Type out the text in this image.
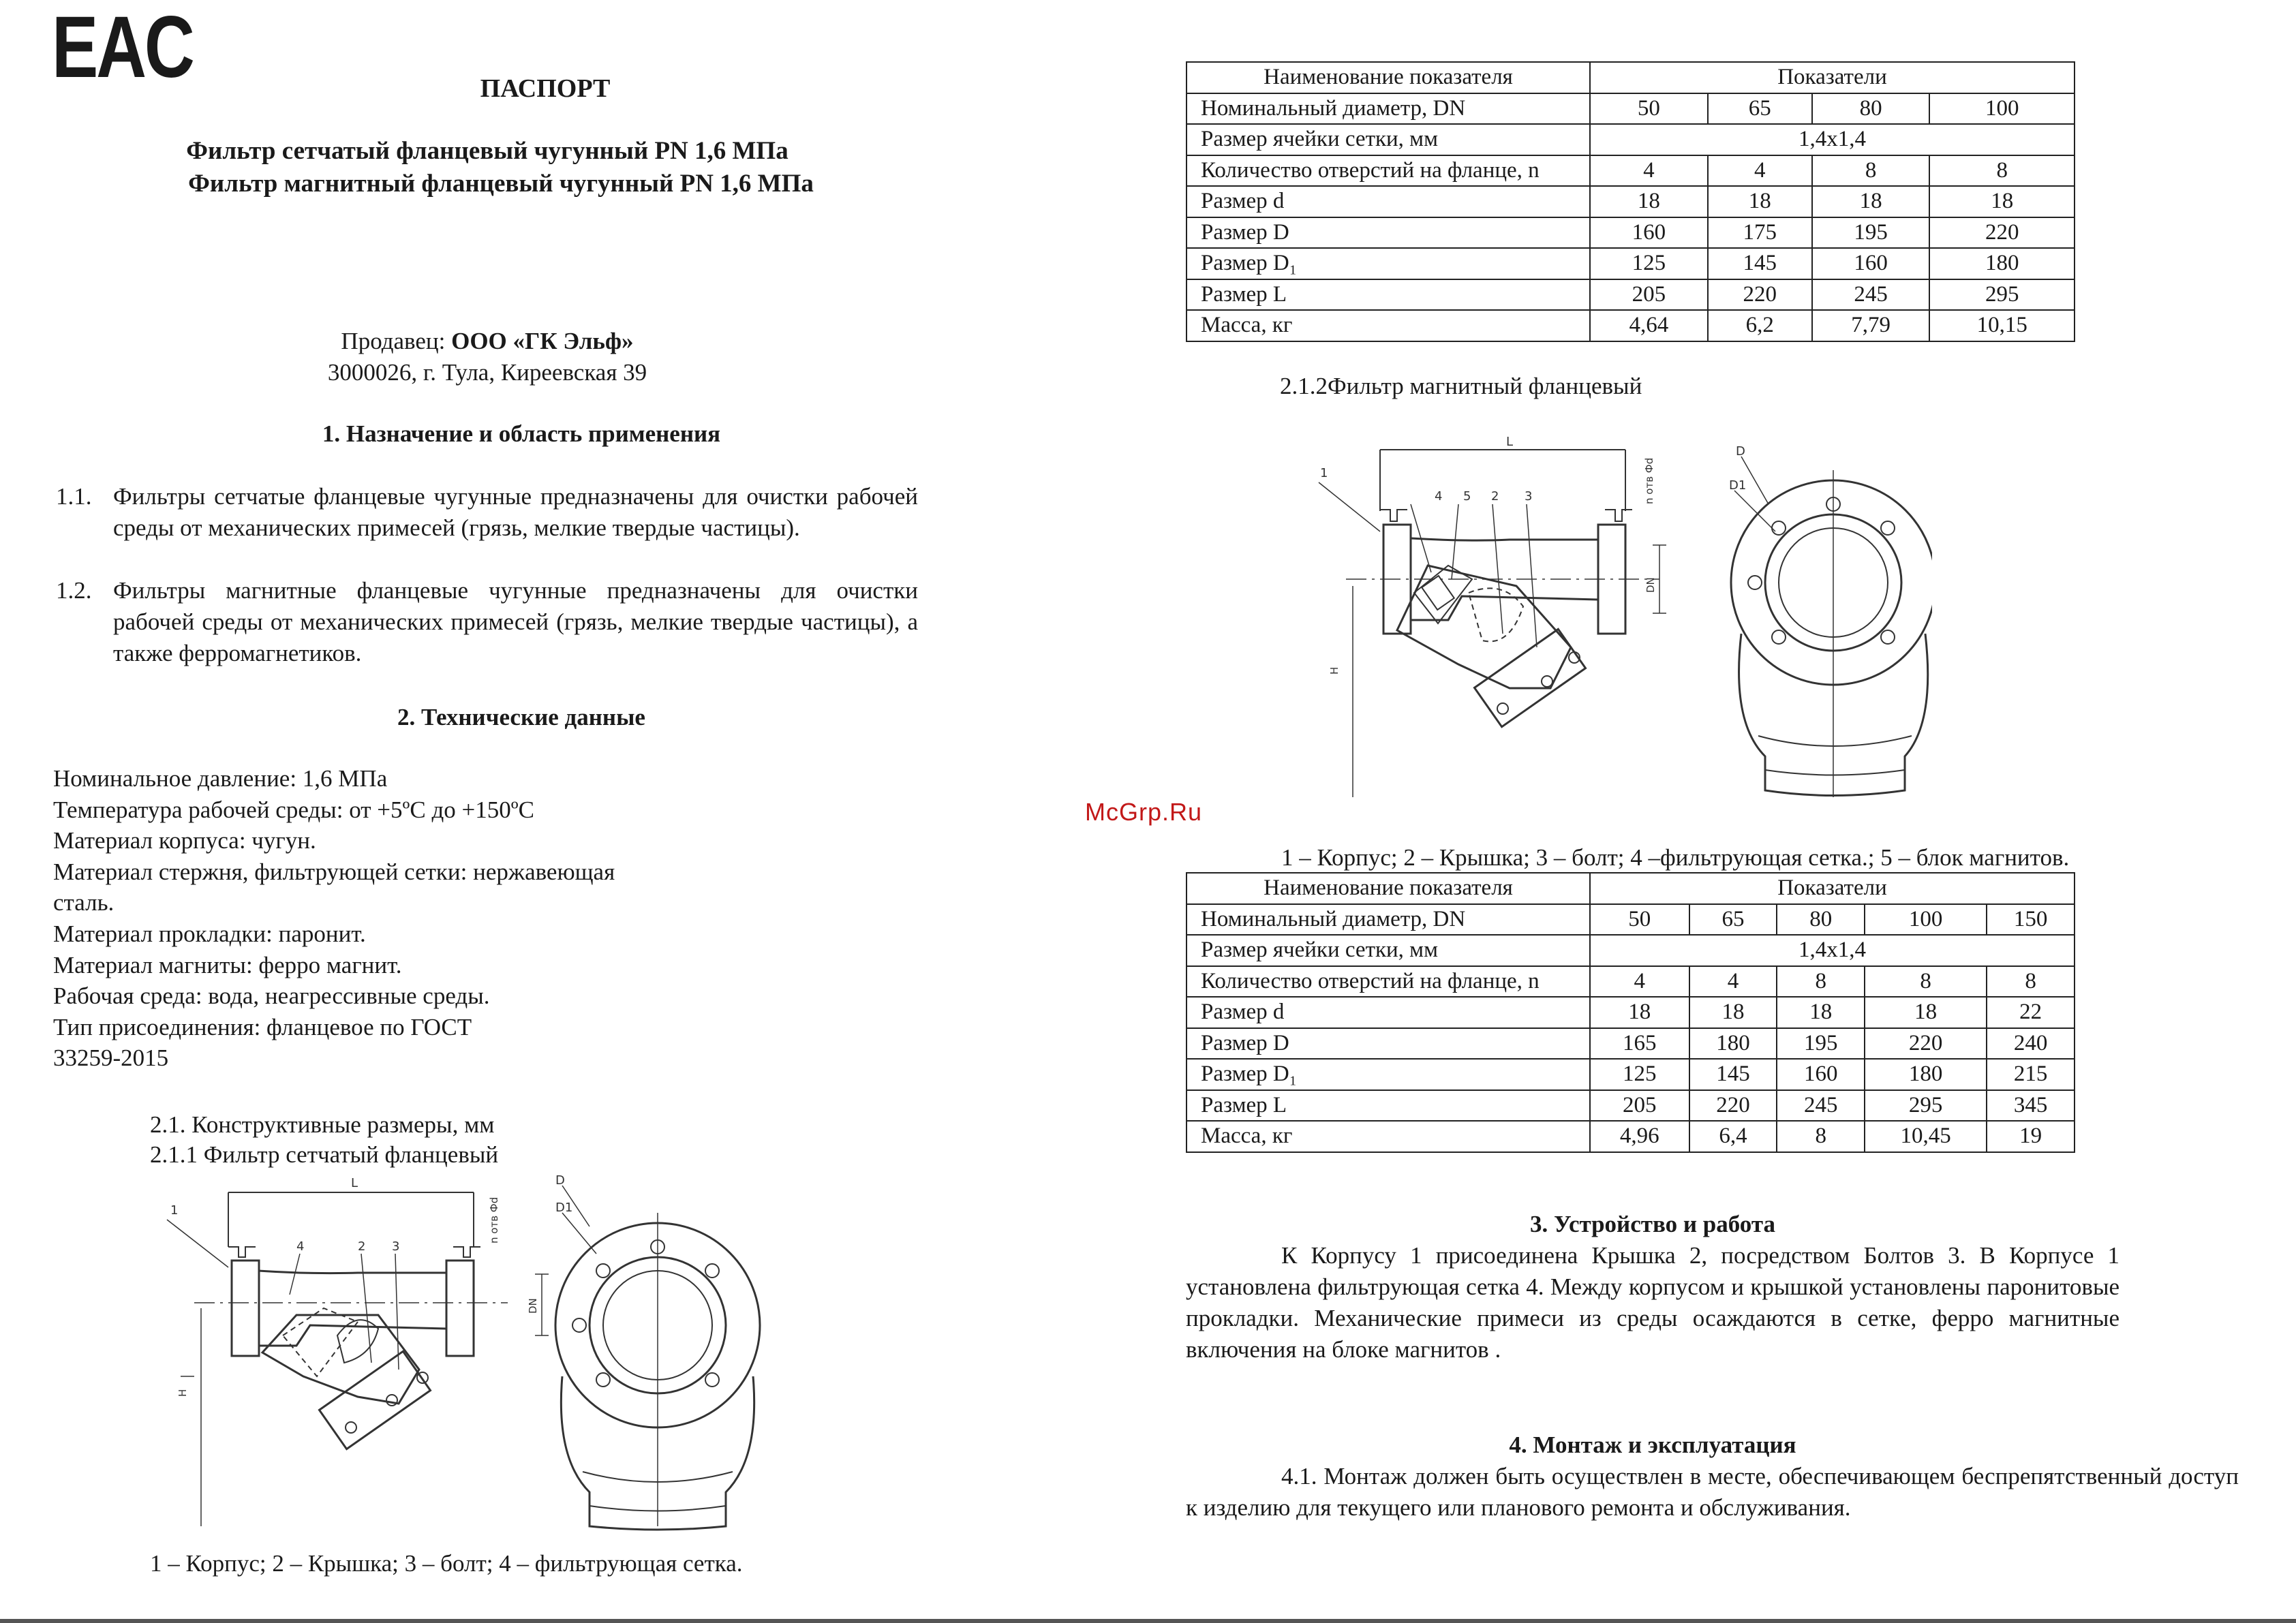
EAC	ПАСПОРТ
Фильтр сетчатый фланцевый чугунный PN 1,6 МПа
Фильтр магнитный фланцевый чугунный PN 1,6 МПа
Продавец: ООО «ГК Эльф»
3000026, г. Тула, Киреевская 39
1. Назначение и область применения
1.1. Фильтры сетчатые фланцевые чугунные предназначены для очистки рабочей среды от механических примесей (грязь, мелкие твердые частицы).
1.2. Фильтры магнитные фланцевые чугунные предназначены для очистки рабочей среды от механических примесей (грязь, мелкие твердые частицы), а также ферромагнетиков.
2. Технические данные
Номинальное давление: 1,6 МПа
Температура рабочей среды: от +5ºС до +150ºС
Материал корпуса: чугун.
Материал стержня, фильтрующей сетки: нержавеющая
сталь.
Материал прокладки: паронит.
Материал магниты: ферро магнит.
Рабочая среда: вода, неагрессивные среды.
Тип присоединения: фланцевое по ГОСТ
33259-2015
2.1. Конструктивные размеры, мм
2.1.1 Фильтр сетчатый фланцевый
L
1
4	2 3
n отв Фd
DN
H
D
D1
1 – Корпус; 2 – Крышка; 3 – болт; 4 – фильтрующая сетка.
Наименование показателя	Показатели			
Номинальный диаметр, DN	50	65	80	100
Размер ячейки сетки, мм	1,4х1,4			
Количество отверстий на фланце, n	4	4	8	8
Размер d	18	18	18	18
Размер D	160	175	195	220
Размер D₁	125	145	160	180
Размер L	205	220	245	295
Масса, кг	4,64	6,2	7,79	10,15
2.1.2Фильтр магнитный фланцевый
L
1
4 5 2 3	n отв Фd
DN
H
D
D1
McGrp.Ru
1 – Корпус; 2 – Крышка; 3 – болт; 4 –фильтрующая сетка.; 5 – блок магнитов.
Наименование показателя	Показатели				
Номинальный диаметр, DN	50	65	80	100	150
Размер ячейки сетки, мм	1,4х1,4				
Количество отверстий на фланце, n	4	4	8	8	8
Размер d	18	18	18	18	22
Размер D	165	180	195	220	240
Размер D₁	125	145	160	180	215
Размер L	205	220	245	295	345
Масса, кг	4,96	6,4	8	10,45	19
3. Устройство и работа
К Корпусу 1 присоединена Крышка 2, посредством Болтов 3. В Корпусе 1 установлена фильтрующая сетка 4. Между корпусом и крышкой установлены паронитовые прокладки. Механические примеси из среды осаждаются в сетке, ферро магнитные включения на блоке магнитов .
4. Монтаж и эксплуатация
4.1. Монтаж должен быть осуществлен в месте, обеспечивающем беспрепятственный доступ к изделию для текущего или планового ремонта и обслуживания.
